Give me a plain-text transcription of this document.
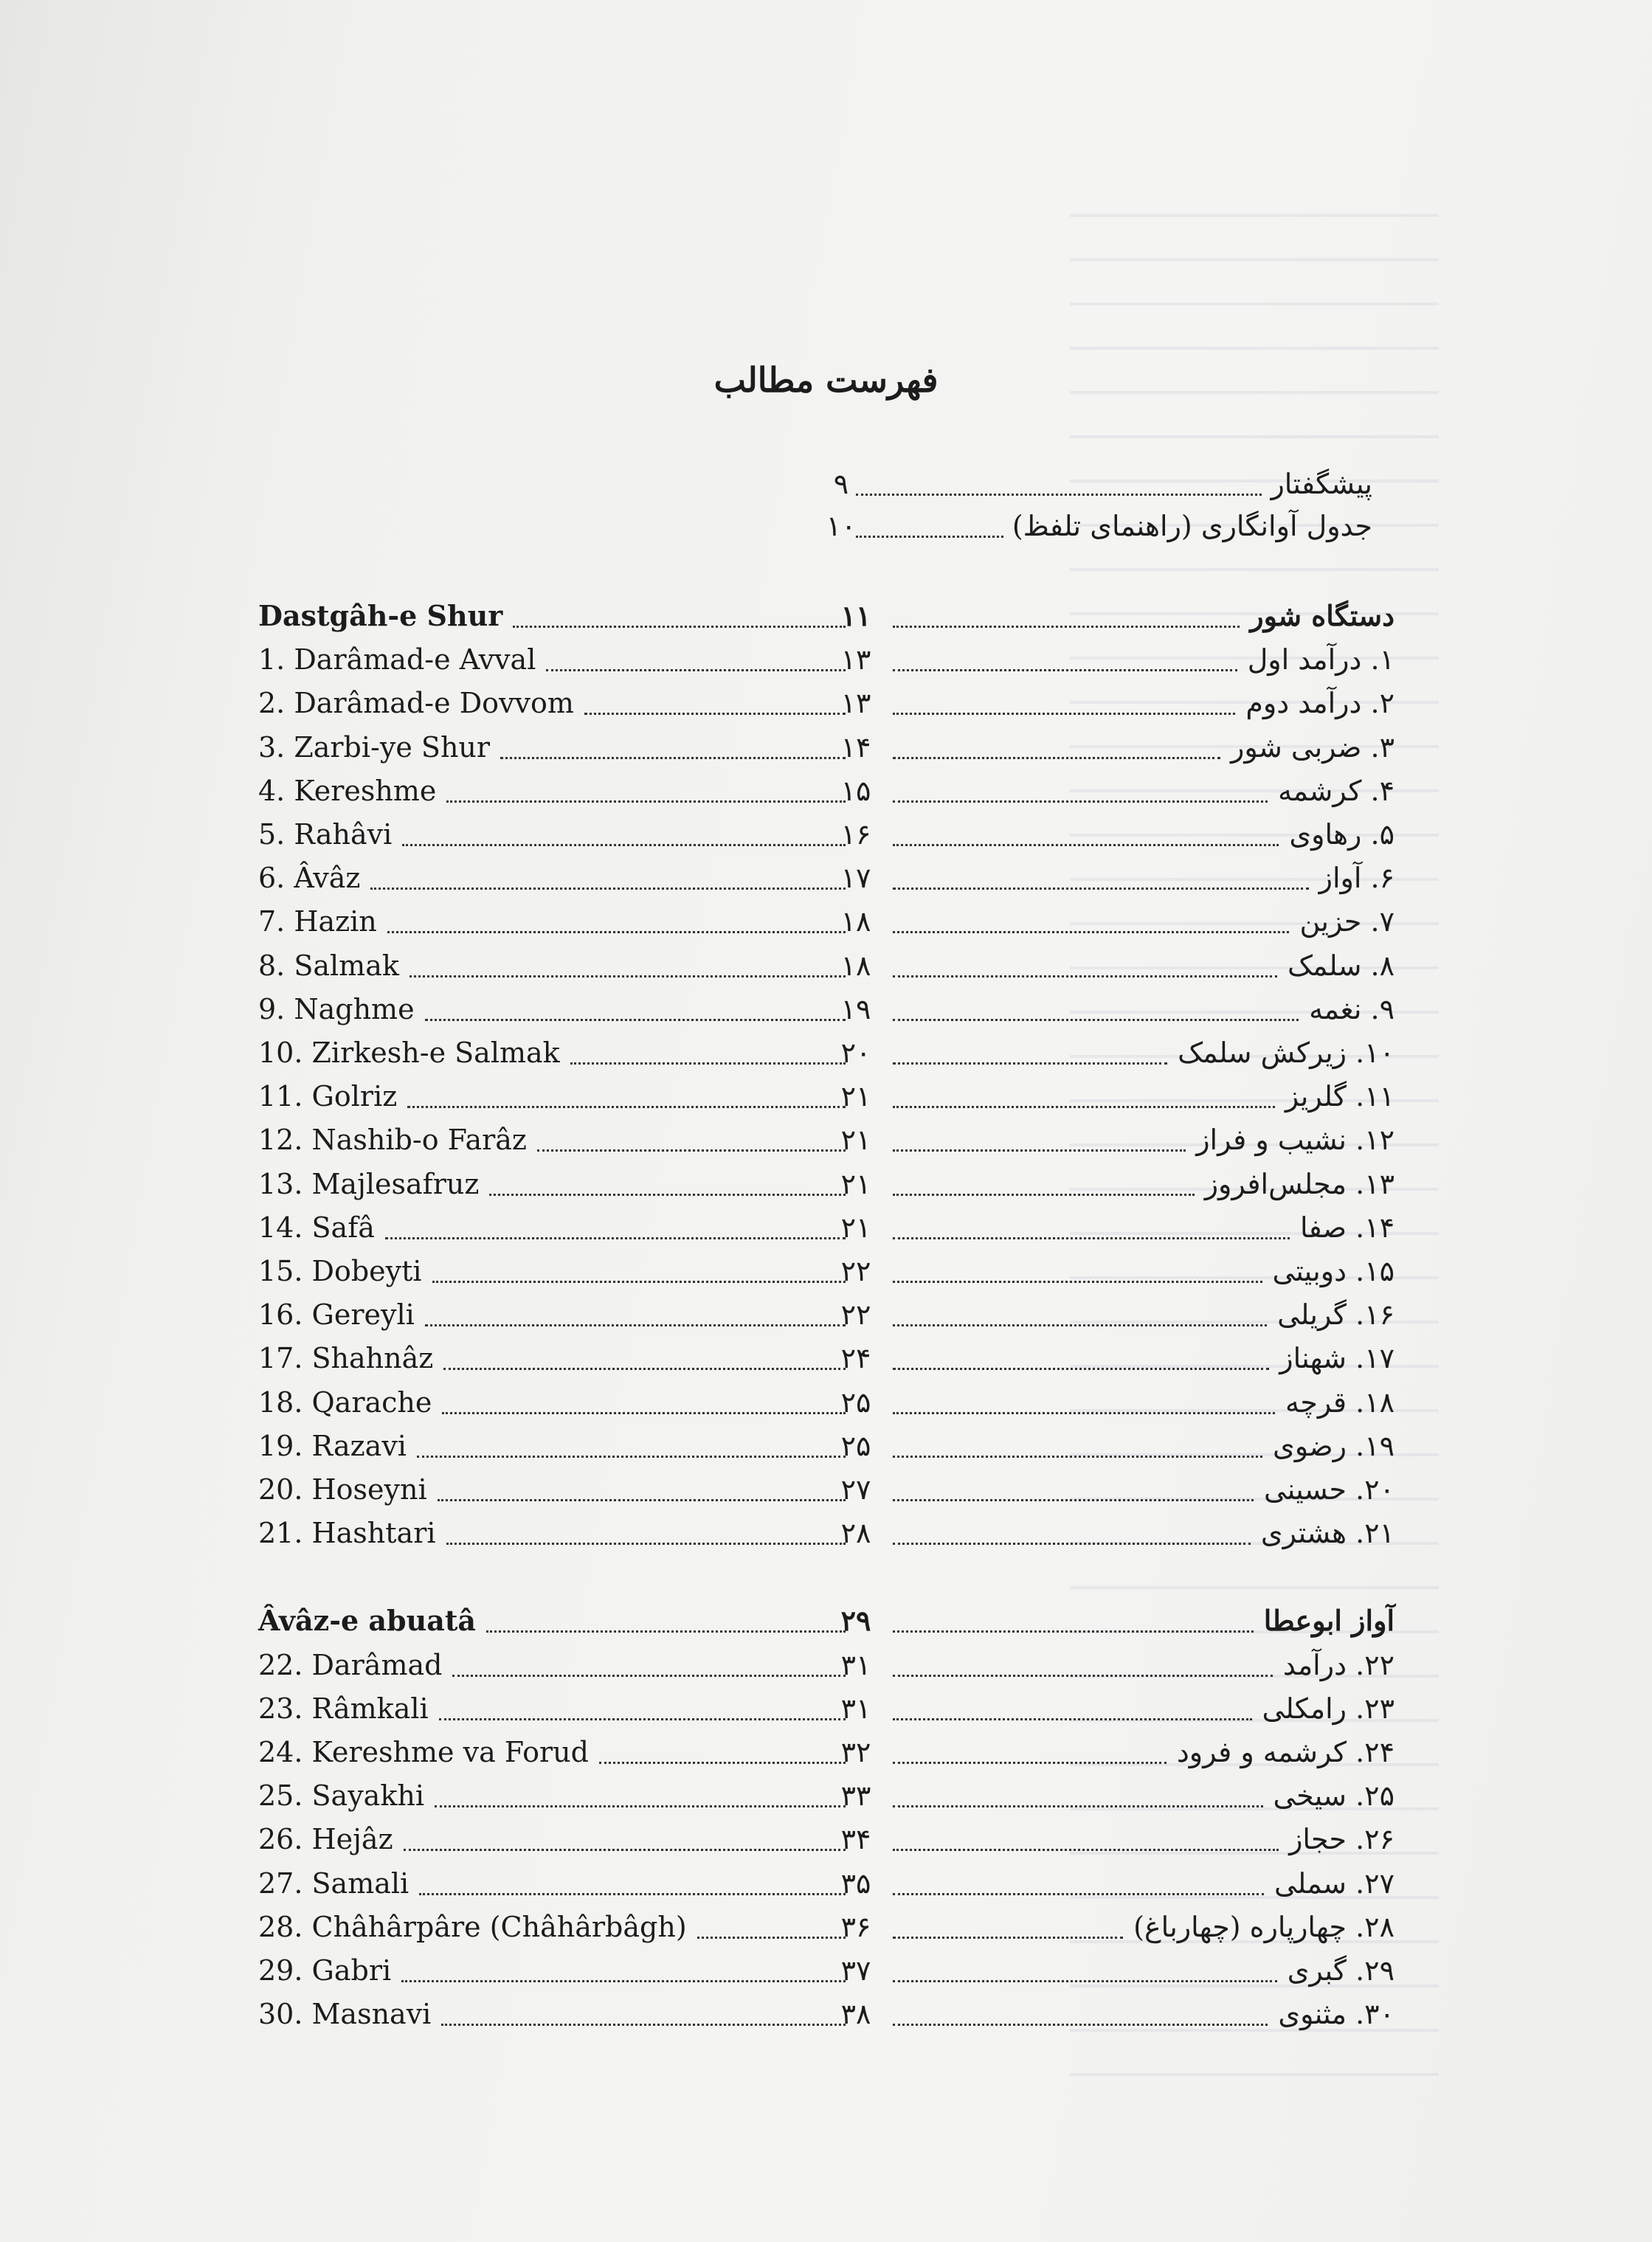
فهرست مطالب
۹	پیشگفتار
۱۰	جدول آوانگاری (راهنمای تلفظ)
Dastgâh-e Shur	۱۱	دستگاه شور
1. Darâmad-e Avval	۱۳	۱. درآمد اول
2. Darâmad-e Dovvom	۱۳	۲. درآمد دوم
3. Zarbi-ye Shur	۱۴	۳. ضربی شور
4. Kereshme	۱۵	۴. کرشمه
5. Rahâvi	۱۶	۵. رهاوی
6. Âvâz	۱۷	۶. آواز
7. Hazin	۱۸	۷. حزین
8. Salmak	۱۸	۸. سلمک
9. Naghme	۱۹	۹. نغمه
10. Zirkesh-e Salmak	۲۰	۱۰. زیرکش سلمک
11. Golriz	۲۱	۱۱. گلریز
12. Nashib-o Farâz	۲۱	۱۲. نشیب و فراز
13. Majlesafruz	۲۱	۱۳. مجلس‌افروز
14. Safâ	۲۱	۱۴. صفا
15. Dobeyti	۲۲	۱۵. دوبیتی
16. Gereyli	۲۲	۱۶. گریلی
17. Shahnâz	۲۴	۱۷. شهناز
18. Qarache	۲۵	۱۸. قرچه
19. Razavi	۲۵	۱۹. رضوی
20. Hoseyni	۲۷	۲۰. حسینی
21. Hashtari	۲۸	۲۱. هشتری
Âvâz-e abuatâ	۲۹	آواز ابوعطا
22. Darâmad	۳۱	۲۲. درآمد
23. Râmkali	۳۱	۲۳. رامکلی
24. Kereshme va Forud	۳۲	۲۴. کرشمه و فرود
25. Sayakhi	۳۳	۲۵. سیخی
26. Hejâz	۳۴	۲۶. حجاز
27. Samali	۳۵	۲۷. سملی
28. Châhârpâre (Châhârbâgh)	۳۶	۲۸. چهارپاره (چهارباغ)
29. Gabri	۳۷	۲۹. گبری
30. Masnavi	۳۸	۳۰. مثنوی
